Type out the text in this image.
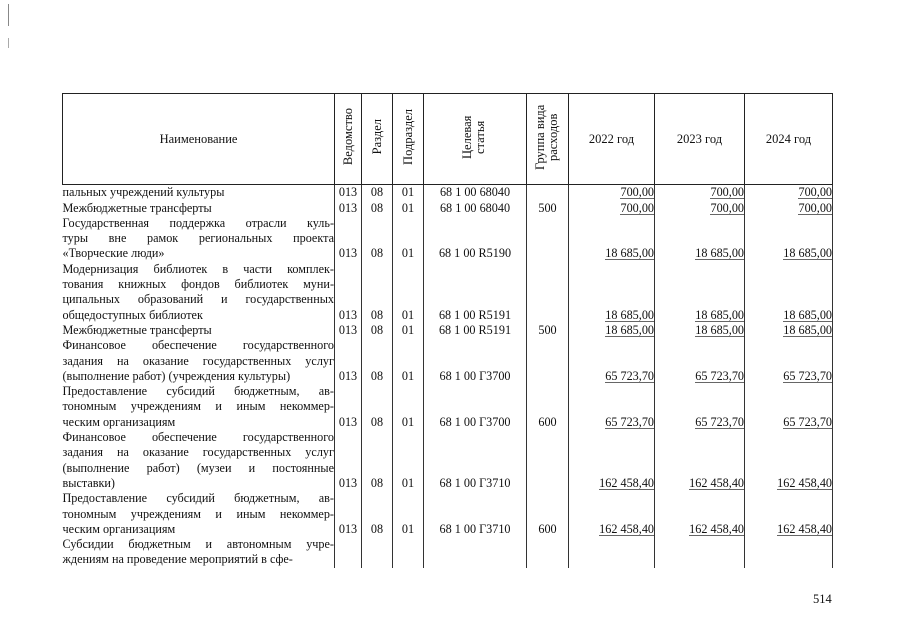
Наименование	Ведомство	Раздел	Подраздел	Целевая статья	Группа вида расходов	2022 год	2023 год	2024 год

пальных учреждений культуры	013	08	01	68 1 00 68040		700,00	700,00	700,00

Межбюджетные трансферты	013	08	01	68 1 00 68040	500	700,00	700,00	700,00

Государственная поддержка отрасли куль-
туры вне рамок региональных проекта
«Творческие люди»	013	08	01	68 1 00 R5190		18 685,00	18 685,00	18 685,00

Модернизация библиотек в части комплек-
тования книжных фондов библиотек муни-
ципальных образований и государственных
общедоступных библиотек	013	08	01	68 1 00 R5191		18 685,00	18 685,00	18 685,00

Межбюджетные трансферты	013	08	01	68 1 00 R5191	500	18 685,00	18 685,00	18 685,00

Финансовое обеспечение государственного
задания на оказание государственных услуг
(выполнение работ) (учреждения культуры)	013	08	01	68 1 00 Г3700		65 723,70	65 723,70	65 723,70

Предоставление субсидий бюджетным, ав-
тономным учреждениям и иным некоммер-
ческим организациям	013	08	01	68 1 00 Г3700	600	65 723,70	65 723,70	65 723,70

Финансовое обеспечение государственного
задания на оказание государственных услуг
(выполнение работ) (музеи и постоянные
выставки)	013	08	01	68 1 00 Г3710		162 458,40	162 458,40	162 458,40

Предоставление субсидий бюджетным, ав-
тономным учреждениям и иным некоммер-
ческим организациям	013	08	01	68 1 00 Г3710	600	162 458,40	162 458,40	162 458,40

Субсидии бюджетным и автономным учре-
ждениям на проведение мероприятий в сфе-								

514
